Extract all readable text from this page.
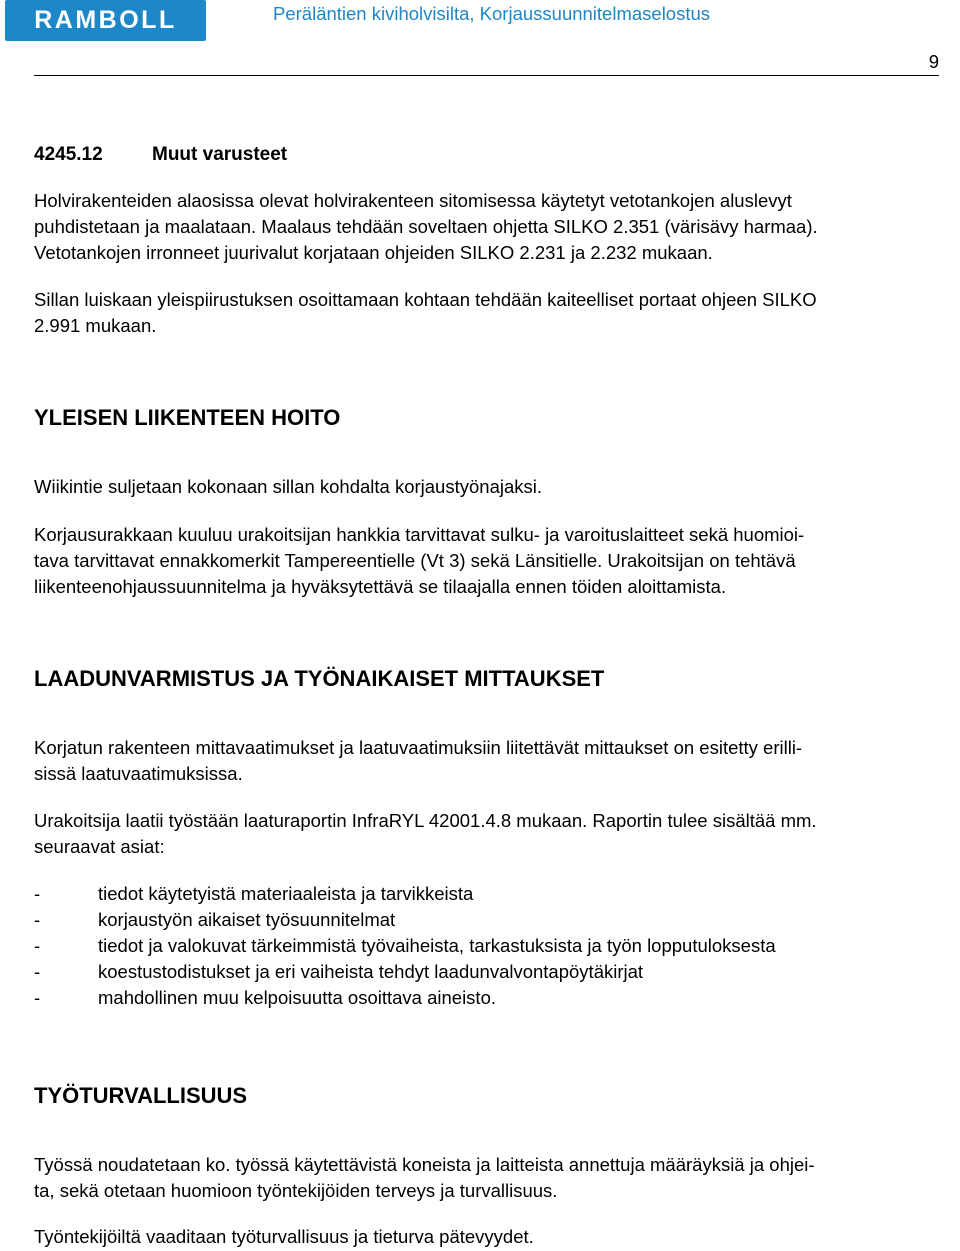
RAMBOLL	Peräläntien kiviholvisilta, Korjaussuunnitelmaselostus
9
4245.12	Muut varusteet

Holvirakenteiden alaosissa olevat holvirakenteen sitomisessa käytetyt vetotankojen aluslevyt
puhdistetaan ja maalataan. Maalaus tehdään soveltaen ohjetta SILKO 2.351 (värisävy harmaa).
Vetotankojen irronneet juurivalut korjataan ohjeiden SILKO 2.231 ja 2.232 mukaan.

Sillan luiskaan yleispiirustuksen osoittamaan kohtaan tehdään kaiteelliset portaat ohjeen SILKO
2.991 mukaan.

YLEISEN LIIKENTEEN HOITO

Wiikintie suljetaan kokonaan sillan kohdalta korjaustyönajaksi.

Korjausurakkaan kuuluu urakoitsijan hankkia tarvittavat sulku- ja varoituslaitteet sekä huomioi-
tava tarvittavat ennakkomerkit Tampereentielle (Vt 3) sekä Länsitielle. Urakoitsijan on tehtävä
liikenteenohjaussuunnitelma ja hyväksytettävä se tilaajalla ennen töiden aloittamista.

LAADUNVARMISTUS JA TYÖNAIKAISET MITTAUKSET

Korjatun rakenteen mittavaatimukset ja laatuvaatimuksiin liitettävät mittaukset on esitetty erilli-
sissä laatuvaatimuksissa.

Urakoitsija laatii työstään laaturaportin InfraRYL 42001.4.8 mukaan. Raportin tulee sisältää mm.
seuraavat asiat:

-	tiedot käytetyistä materiaaleista ja tarvikkeista
-	korjaustyön aikaiset työsuunnitelmat
-	tiedot ja valokuvat tärkeimmistä työvaiheista, tarkastuksista ja työn lopputuloksesta
-	koestustodistukset ja eri vaiheista tehdyt laadunvalvontapöytäkirjat
-	mahdollinen muu kelpoisuutta osoittava aineisto.
TYÖTURVALLISUUS

Työssä noudatetaan ko. työssä käytettävistä koneista ja laitteista annettuja määräyksiä ja ohjei-
ta, sekä otetaan huomioon työntekijöiden terveys ja turvallisuus.

Työntekijöiltä vaaditaan työturvallisuus ja tieturva pätevyydet.
